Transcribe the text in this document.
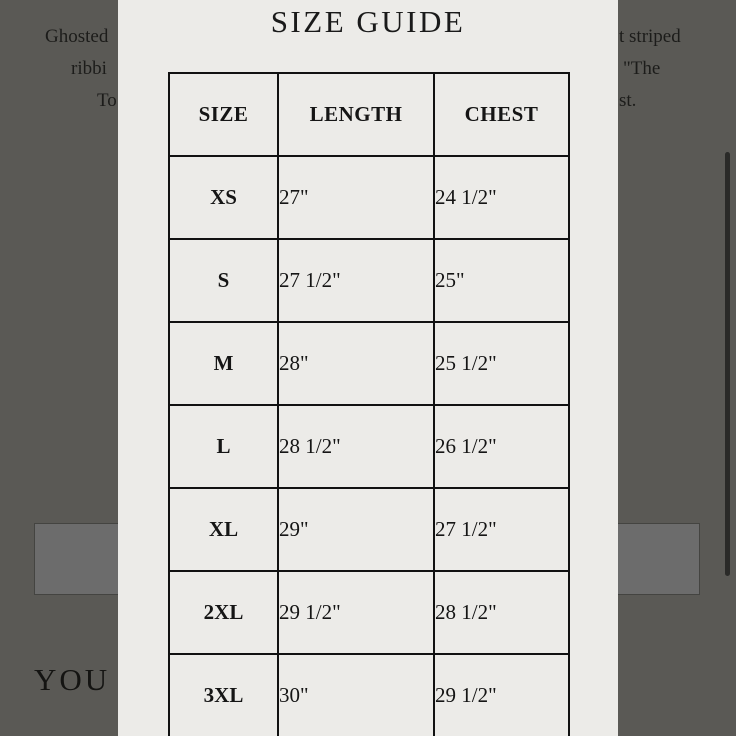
Ghosted	t striped
ribbi	"The
To	st.
YOU
SIZE GUIDE
SIZE	LENGTH	CHEST
XS	27"	24 1/2"
S	27 1/2"	25"
M	28"	25 1/2"
L	28 1/2"	26 1/2"
XL	29"	27 1/2"
2XL	29 1/2"	28 1/2"
3XL	30"	29 1/2"
